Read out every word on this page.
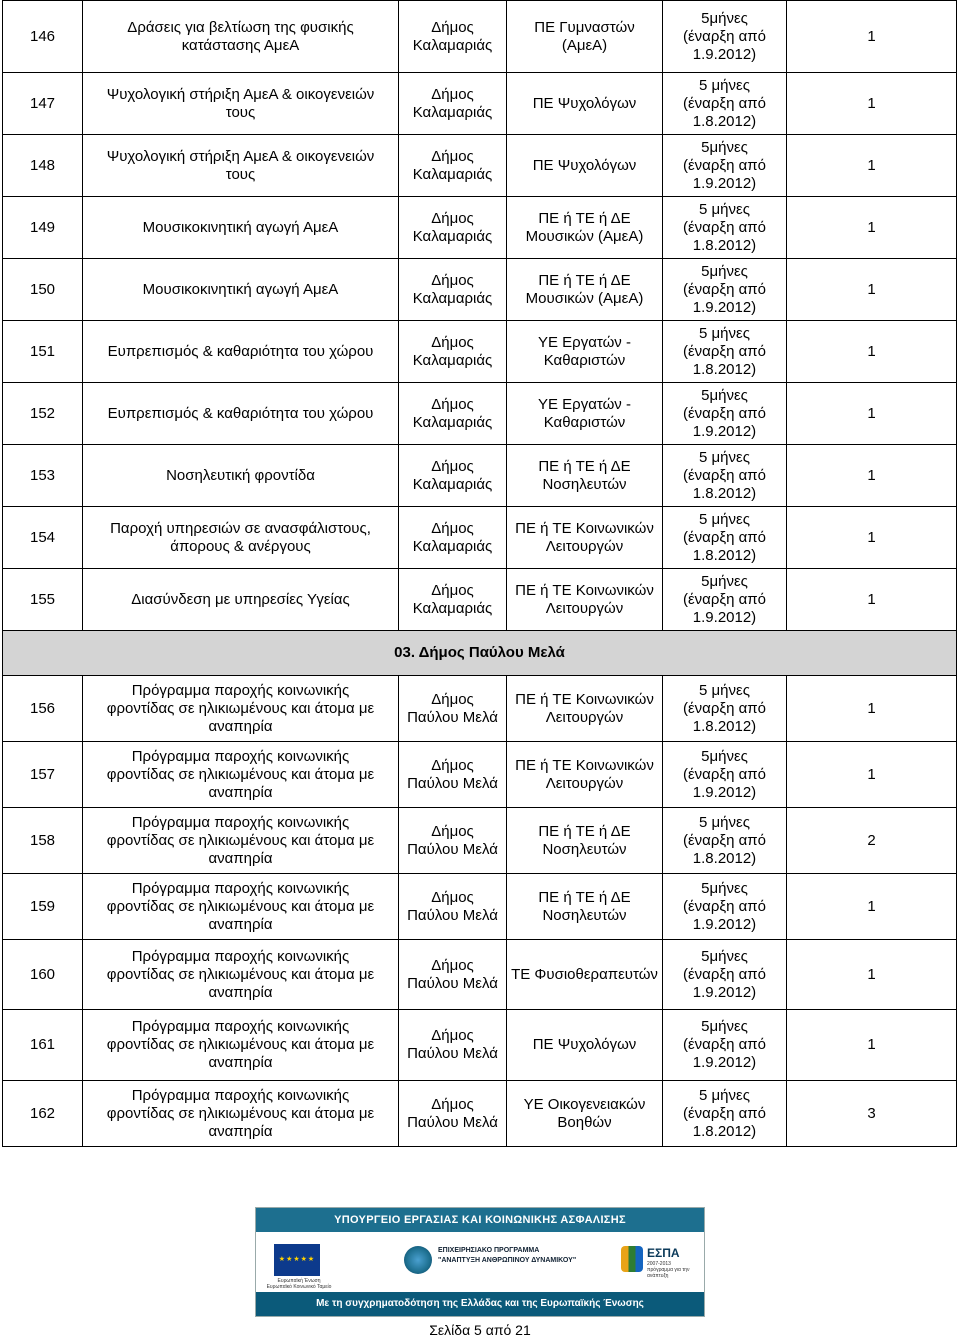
146	Δράσεις για βελτίωση της φυσικής
κατάστασης ΑμεΑ	Δήμος
Καλαμαριάς	ΠΕ Γυμναστών
(ΑμεΑ)	5μήνες
(έναρξη από
1.9.2012)	1
147	Ψυχολογική στήριξη ΑμεΑ & οικογενειών
τους	Δήμος
Καλαμαριάς	ΠΕ Ψυχολόγων	5 μήνες
(έναρξη από
1.8.2012)	1
148	Ψυχολογική στήριξη ΑμεΑ & οικογενειών
τους	Δήμος
Καλαμαριάς	ΠΕ Ψυχολόγων	5μήνες
(έναρξη από
1.9.2012)	1
149	Μουσικοκινητική αγωγή ΑμεΑ	Δήμος
Καλαμαριάς	ΠΕ ή ΤΕ ή ΔΕ
Μουσικών (ΑμεΑ)	5 μήνες
(έναρξη από
1.8.2012)	1
150	Μουσικοκινητική αγωγή ΑμεΑ	Δήμος
Καλαμαριάς	ΠΕ ή ΤΕ ή ΔΕ
Μουσικών (ΑμεΑ)	5μήνες
(έναρξη από
1.9.2012)	1
151	Ευπρεπισμός & καθαριότητα του χώρου	Δήμος
Καλαμαριάς	ΥΕ Εργατών -
Καθαριστών	5 μήνες
(έναρξη από
1.8.2012)	1
152	Ευπρεπισμός & καθαριότητα του χώρου	Δήμος
Καλαμαριάς	ΥΕ Εργατών -
Καθαριστών	5μήνες
(έναρξη από
1.9.2012)	1
153	Νοσηλευτική φροντίδα	Δήμος
Καλαμαριάς	ΠΕ ή ΤΕ ή ΔΕ
Νοσηλευτών	5 μήνες
(έναρξη από
1.8.2012)	1
154	Παροχή υπηρεσιών σε ανασφάλιστους,
άπορους & ανέργους	Δήμος
Καλαμαριάς	ΠΕ ή ΤΕ Κοινωνικών
Λειτουργών	5 μήνες
(έναρξη από
1.8.2012)	1
155	Διασύνδεση με υπηρεσίες Υγείας	Δήμος
Καλαμαριάς	ΠΕ ή ΤΕ Κοινωνικών
Λειτουργών	5μήνες
(έναρξη από
1.9.2012)	1
03. Δήμος Παύλου Μελά					
156	Πρόγραμμα παροχής κοινωνικής
φροντίδας σε ηλικιωμένους και άτομα με
αναπηρία	Δήμος
Παύλου Μελά	ΠΕ ή ΤΕ Κοινωνικών
Λειτουργών	5 μήνες
(έναρξη από
1.8.2012)	1
157	Πρόγραμμα παροχής κοινωνικής
φροντίδας σε ηλικιωμένους και άτομα με
αναπηρία	Δήμος
Παύλου Μελά	ΠΕ ή ΤΕ Κοινωνικών
Λειτουργών	5μήνες
(έναρξη από
1.9.2012)	1
158	Πρόγραμμα παροχής κοινωνικής
φροντίδας σε ηλικιωμένους και άτομα με
αναπηρία	Δήμος
Παύλου Μελά	ΠΕ ή ΤΕ ή ΔΕ
Νοσηλευτών	5 μήνες
(έναρξη από
1.8.2012)	2
159	Πρόγραμμα παροχής κοινωνικής
φροντίδας σε ηλικιωμένους και άτομα με
αναπηρία	Δήμος
Παύλου Μελά	ΠΕ ή ΤΕ ή ΔΕ
Νοσηλευτών	5μήνες
(έναρξη από
1.9.2012)	1
160	Πρόγραμμα παροχής κοινωνικής
φροντίδας σε ηλικιωμένους και άτομα με
αναπηρία	Δήμος
Παύλου Μελά	ΤΕ Φυσιοθεραπευτών	5μήνες
(έναρξη από
1.9.2012)	1
161	Πρόγραμμα παροχής κοινωνικής
φροντίδας σε ηλικιωμένους και άτομα με
αναπηρία	Δήμος
Παύλου Μελά	ΠΕ Ψυχολόγων	5μήνες
(έναρξη από
1.9.2012)	1
162	Πρόγραμμα παροχής κοινωνικής
φροντίδας σε ηλικιωμένους και άτομα με
αναπηρία	Δήμος
Παύλου Μελά	ΥΕ Οικογενειακών
Βοηθών	5 μήνες
(έναρξη από
1.8.2012)	3
ΥΠΟΥΡΓΕΙΟ ΕΡΓΑΣΙΑΣ ΚΑΙ ΚΟΙΝΩΝΙΚΗΣ ΑΣΦΑΛΙΣΗΣ
★★★★★
Ευρωπαϊκή Ένωση
Ευρωπαϊκό Κοινωνικό Ταμείο
ΕΠΙΧΕΙΡΗΣΙΑΚΟ ΠΡΟΓΡΑΜΜΑ
"ΑΝΑΠΤΥΞΗ ΑΝΘΡΩΠΙΝΟΥ ΔΥΝΑΜΙΚΟΥ"
ΕΣΠΑ
2007-2013
πρόγραμμα για την ανάπτυξη
Με τη συγχρηματοδότηση της Ελλάδας και της Ευρωπαϊκής Ένωσης
Σελίδα 5 από 21
